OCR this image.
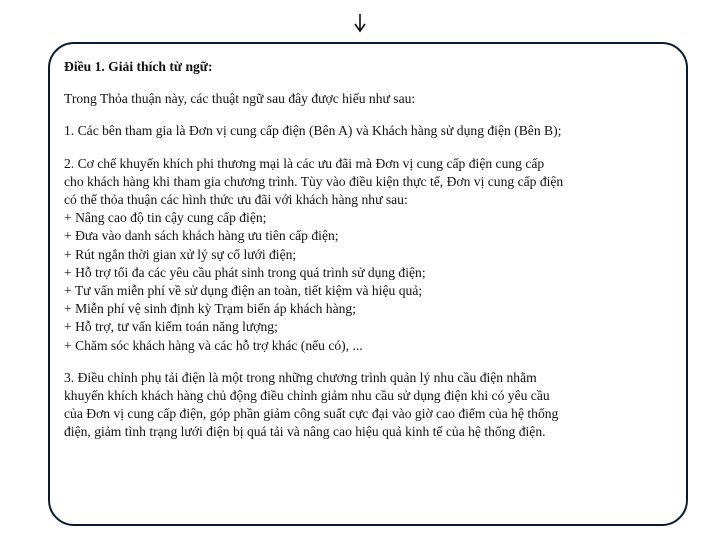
Điều 1. Giải thích từ ngữ:

Trong Thỏa thuận này, các thuật ngữ sau đây được hiểu như sau:

1. Các bên tham gia là Đơn vị cung cấp điện (Bên A) và Khách hàng sử dụng điện (Bên B);

2. Cơ chế khuyến khích phi thương mại là các ưu đãi mà Đơn vị cung cấp điện cung cấp
cho khách hàng khi tham gia chương trình. Tùy vào điều kiện thực tế, Đơn vị cung cấp điện
có thể thỏa thuận các hình thức ưu đãi với khách hàng như sau:
+ Nâng cao độ tin cậy cung cấp điện;
+ Đưa vào danh sách khách hàng ưu tiên cấp điện;
+ Rút ngắn thời gian xử lý sự cố lưới điện;
+ Hỗ trợ tối đa các yêu cầu phát sinh trong quá trình sử dụng điện;
+ Tư vấn miễn phí về sử dụng điện an toàn, tiết kiệm và hiệu quả;
+ Miễn phí vệ sinh định kỳ Trạm biến áp khách hàng;
+ Hỗ trợ, tư vấn kiểm toán năng lượng;
+ Chăm sóc khách hàng và các hỗ trợ khác (nếu có), ...
3. Điều chỉnh phụ tải điện là một trong những chương trình quản lý nhu cầu điện nhằm
khuyến khích khách hàng chủ động điều chỉnh giảm nhu cầu sử dụng điện khi có yêu cầu
của Đơn vị cung cấp điện, góp phần giảm công suất cực đại vào giờ cao điểm của hệ thống
điện, giảm tình trạng lưới điện bị quá tải và nâng cao hiệu quả kinh tế của hệ thống điện.
